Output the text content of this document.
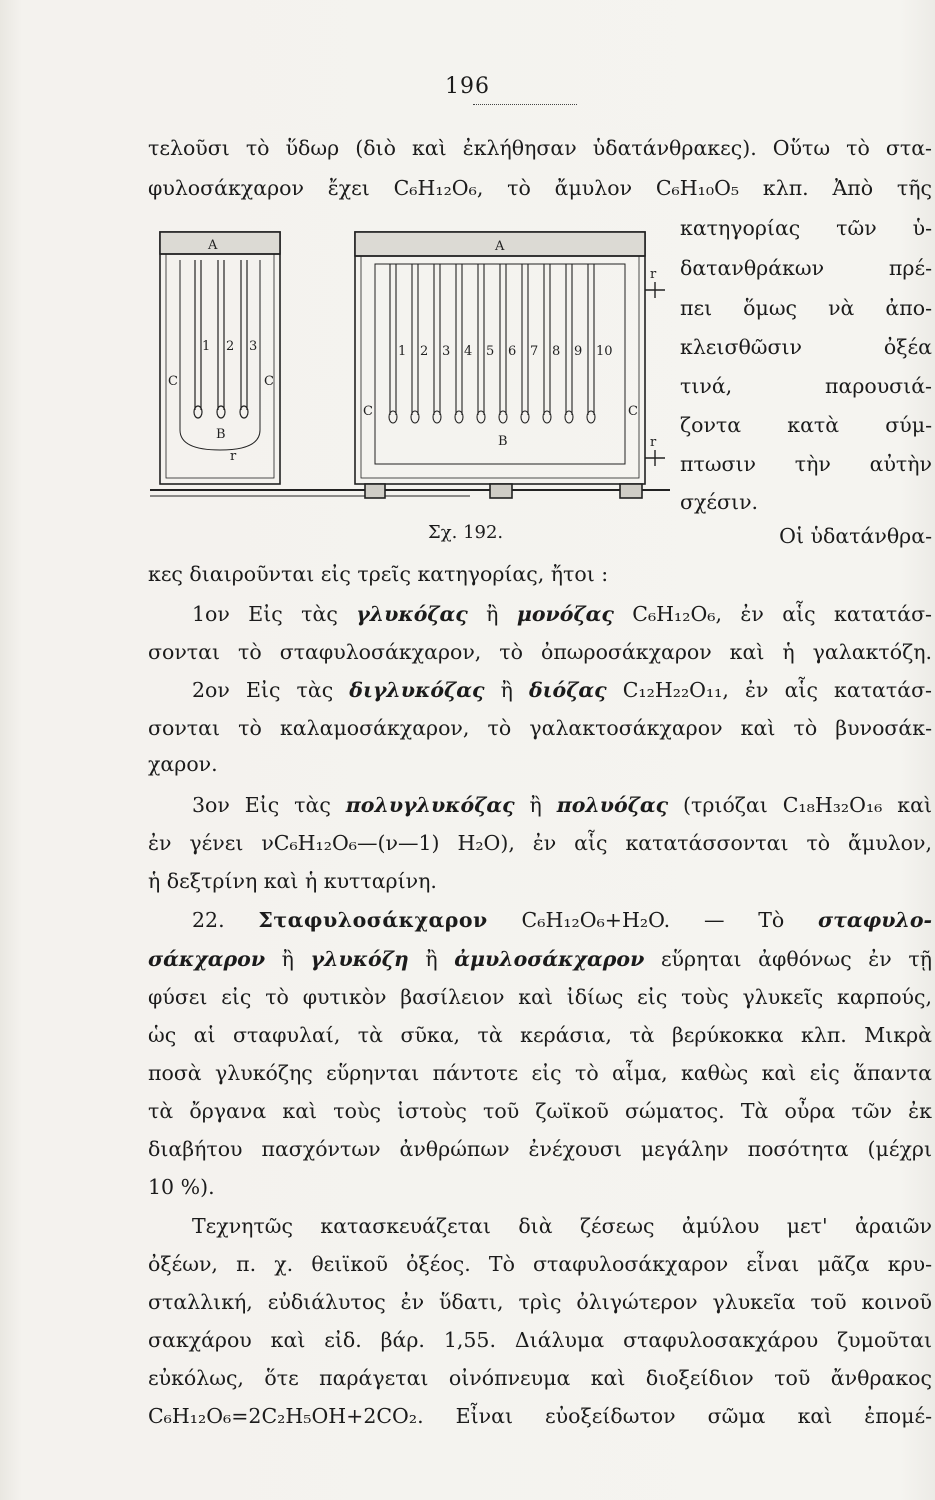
196
τελοῦσι τὸ ὕδωρ (διὸ καὶ ἐκλήθησαν ὑδατάνθρακες). Οὕτω τὸ στα-
φυλοσάκχαρον ἔχει C₆H₁₂O₆, τὸ ἄμυλον C₆H₁₀O₅ κλπ. Ἀπὸ τῆς
A
1 2 3
C	C
B
r
A
1 2 3 4 5 6 7 8 9 10
C	C
B
r
r
κατηγορίας τῶν ὑ-
δατανθράκων πρέ-
πει ὅμως νὰ ἀπο-
κλεισθῶσιν ὀξέα
τινά, παρουσιά-
ζοντα κατὰ σύμ-
πτωσιν τὴν αὐτὴν
σχέσιν.
Σχ. 192.	Οἱ ὑδατάνθρα-
κες διαιροῦνται εἰς τρεῖς κατηγορίας, ἤτοι :
1ον Εἰς τὰς γλυκόζας ἢ μονόζας C₆H₁₂O₆, ἐν αἷς κατατάσ-
σονται τὸ σταφυλοσάκχαρον, τὸ ὀπωροσάκχαρον καὶ ἡ γαλακτόζη.
2ον Εἰς τὰς διγλυκόζας ἢ διόζας C₁₂H₂₂O₁₁, ἐν αἷς κατατάσ-
σονται τὸ καλαμοσάκχαρον, τὸ γαλακτοσάκχαρον καὶ τὸ βυνοσάκ-
χαρον.
3ον Εἰς τὰς πολυγλυκόζας ἢ πολυόζας (τριόζαι C₁₈H₃₂O₁₆ καὶ
ἐν γένει νC₆H₁₂O₆—(ν—1) H₂O), ἐν αἷς κατατάσσονται τὸ ἄμυλον,
ἡ δεξτρίνη καὶ ἡ κυτταρίνη.
22. Σταφυλοσάκχαρον C₆H₁₂O₆+H₂O. — Τὸ σταφυλο-
σάκχαρον ἢ γλυκόζη ἢ ἀμυλοσάκχαρον εὕρηται ἀφθόνως ἐν τῇ
φύσει εἰς τὸ φυτικὸν βασίλειον καὶ ἰδίως εἰς τοὺς γλυκεῖς καρπούς,
ὡς αἱ σταφυλαί, τὰ σῦκα, τὰ κεράσια, τὰ βερύκοκκα κλπ. Μικρὰ
ποσὰ γλυκόζης εὕρηνται πάντοτε εἰς τὸ αἷμα, καθὼς καὶ εἰς ἅπαντα
τὰ ὄργανα καὶ τοὺς ἱστοὺς τοῦ ζωϊκοῦ σώματος. Τὰ οὖρα τῶν ἐκ
διαβήτου πασχόντων ἀνθρώπων ἐνέχουσι μεγάλην ποσότητα (μέχρι
10 %).
Τεχνητῶς κατασκευάζεται διὰ ζέσεως ἀμύλου μετ' ἀραιῶν
ὀξέων, π. χ. θειϊκοῦ ὀξέος. Τὸ σταφυλοσάκχαρον εἶναι μᾶζα κρυ-
σταλλική, εὐδιάλυτος ἐν ὕδατι, τρὶς ὀλιγώτερον γλυκεῖα τοῦ κοινοῦ
σακχάρου καὶ εἰδ. βάρ. 1,55. Διάλυμα σταφυλοσακχάρου ζυμοῦται
εὐκόλως, ὅτε παράγεται οἰνόπνευμα καὶ διοξείδιον τοῦ ἄνθρακος
C₆H₁₂O₆=2C₂H₅OH+2CO₂. Εἶναι εὐοξείδωτον σῶμα καὶ ἐπομέ-
